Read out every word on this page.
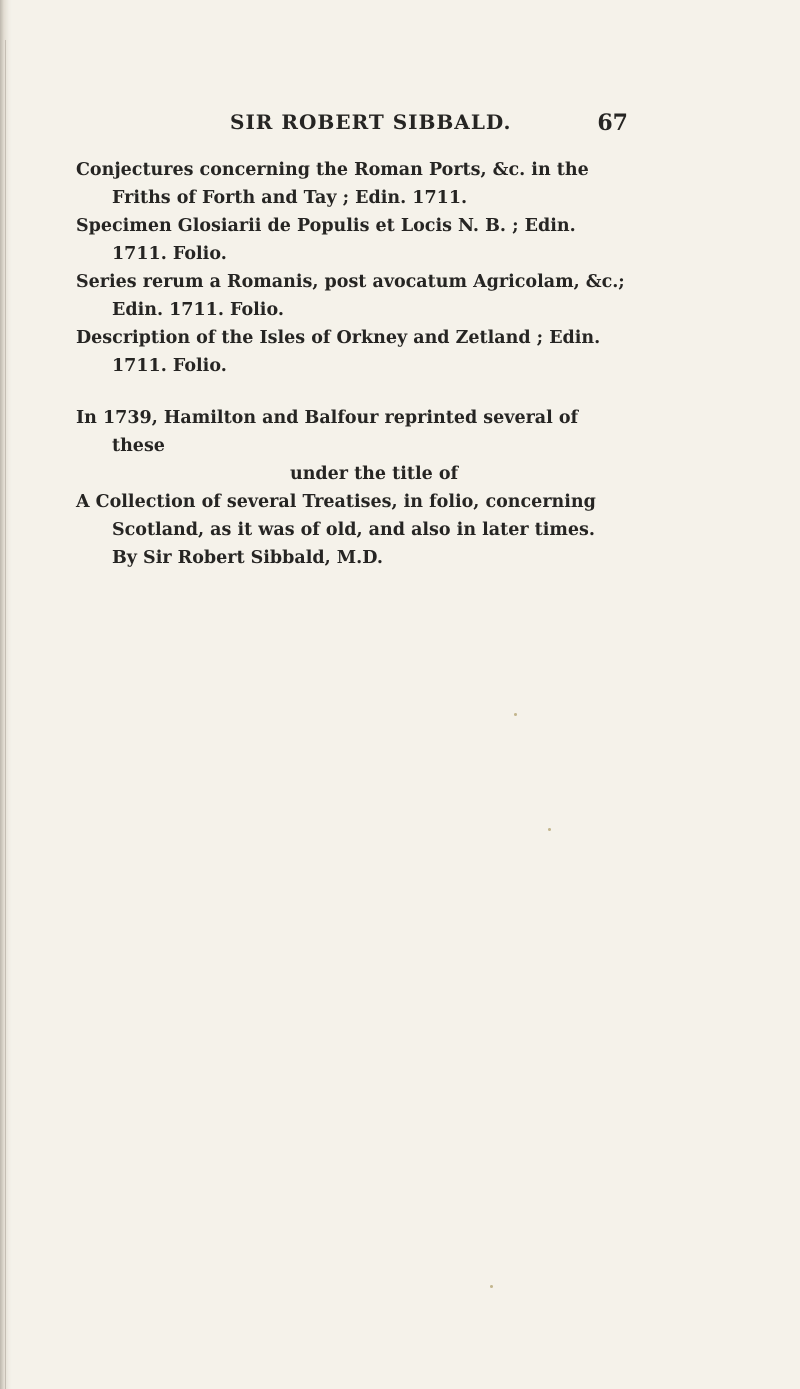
SIR ROBERT SIBBALD.	67

Conjectures concerning the Roman Ports, &c. in the
Friths of Forth and Tay ; Edin. 1711.

Specimen Glosiarii de Populis et Locis N. B. ; Edin.
1711. Folio.

Series rerum a Romanis, post avocatum Agricolam, &c.;
Edin. 1711. Folio.

Description of the Isles of Orkney and Zetland ; Edin.
1711. Folio.

In 1739, Hamilton and Balfour reprinted several of these

under the title of

A Collection of several Treatises, in folio, concerning
Scotland, as it was of old, and also in later times.
By Sir Robert Sibbald, M.D.
